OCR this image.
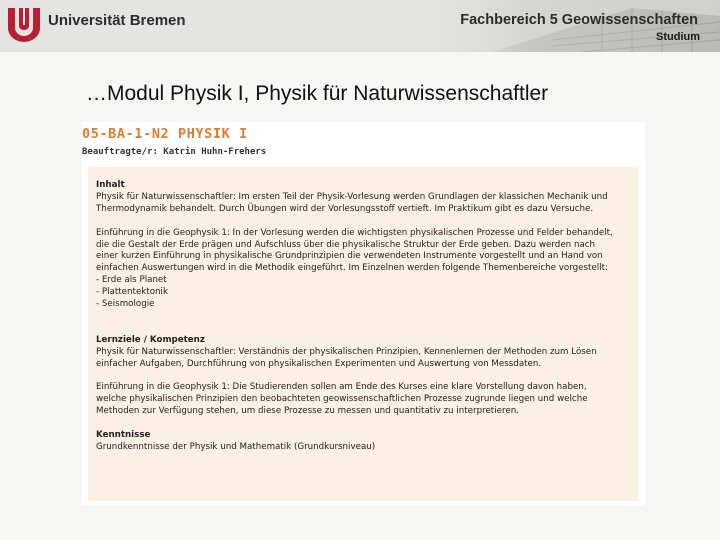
Universität Bremen	Fachbereich 5 Geowissenschaften
Studium
…Modul Physik I, Physik für Naturwissenschaftler
05-BA-1-N2 PHYSIK I
Beauftragte/r: Katrin Huhn-Frehers

Inhalt

Physik für Naturwissenschaftler: Im ersten Teil der Physik-Vorlesung werden Grundlagen der klassichen Mechanik und

Thermodynamik behandelt. Durch Übungen wird der Vorlesungsstoff vertieft. Im Praktikum gibt es dazu Versuche.

Einführung in die Geophysik 1: In der Vorlesung werden die wichtigsten physikalischen Prozesse und Felder behandelt,

die die Gestalt der Erde prägen und Aufschluss über die physikalische Struktur der Erde geben. Dazu werden nach

einer kurzen Einführung in physikalische Grundprinzipien die verwendeten Instrumente vorgestellt und an Hand von

einfachen Auswertungen wird in die Methodik eingeführt. Im Einzelnen werden folgende Themenbereiche vorgestellt:

- Erde als Planet

- Plattentektonik

- Seismologie

Lernziele / Kompetenz

Physik für Naturwissenschaftler: Verständnis der physikalischen Prinzipien, Kennenlernen der Methoden zum Lösen

einfacher Aufgaben, Durchführung von physikalischen Experimenten und Auswertung von Messdaten.

Einführung in die Geophysik 1: Die Studierenden sollen am Ende des Kurses eine klare Vorstellung davon haben,

welche physikalischen Prinzipien den beobachteten geowissenschaftlichen Prozesse zugrunde liegen und welche

Methoden zur Verfügung stehen, um diese Prozesse zu messen und quantitativ zu interpretieren.

Kenntnisse

Grundkenntnisse der Physik und Mathematik (Grundkursniveau)
